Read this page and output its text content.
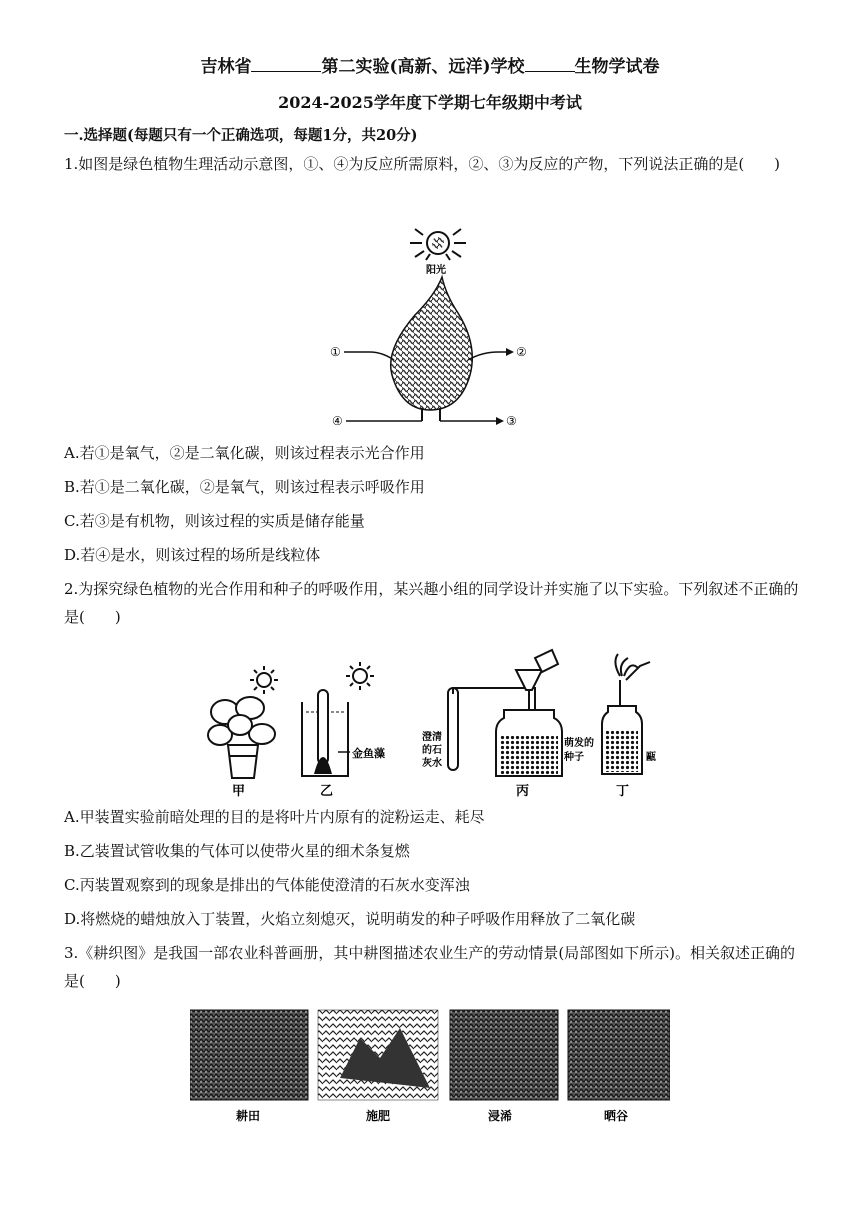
吉林省	第二实验(高新、远洋)学校	生物学试卷
2024-2025学年度下学期七年级期中考试
一.选择题(每题只有一个正确选项，每题1分，共20分)
1.如图是绿色植物生理活动示意图，①、④为反应所需原料，②、③为反应的产物，下列说法正确的是(　　)
阳光
①	②
④	③
A.若①是氧气，②是二氧化碳，则该过程表示光合作用
B.若①是二氧化碳，②是氧气，则该过程表示呼吸作用
C.若③是有机物，则该过程的实质是储存能量
D.若④是水，则该过程的场所是线粒体
2.为探究绿色植物的光合作用和种子的呼吸作用，某兴趣小组的同学设计并实施了以下实验。下列叙述不正确的是(　　)
甲	乙	丙	丁
金鱼藻
澄清
的石
灰水
萌发的
种子	甌
A.甲装置实验前暗处理的目的是将叶片内原有的淀粉运走、耗尽
B.乙装置试管收集的气体可以使带火星的细术条复燃
C.丙装置观察到的现象是排出的气体能使澄清的石灰水变浑浊
D.将燃烧的蜡烛放入丁装置，火焰立刻熄灭，说明萌发的种子呼吸作用释放了二氧化碳
3.《耕织图》是我国一部农业科普画册，其中耕图描述农业生产的劳动情景(局部图如下所示)。相关叙述正确的是(　　)
耕田	施肥	浸浠	晒谷
